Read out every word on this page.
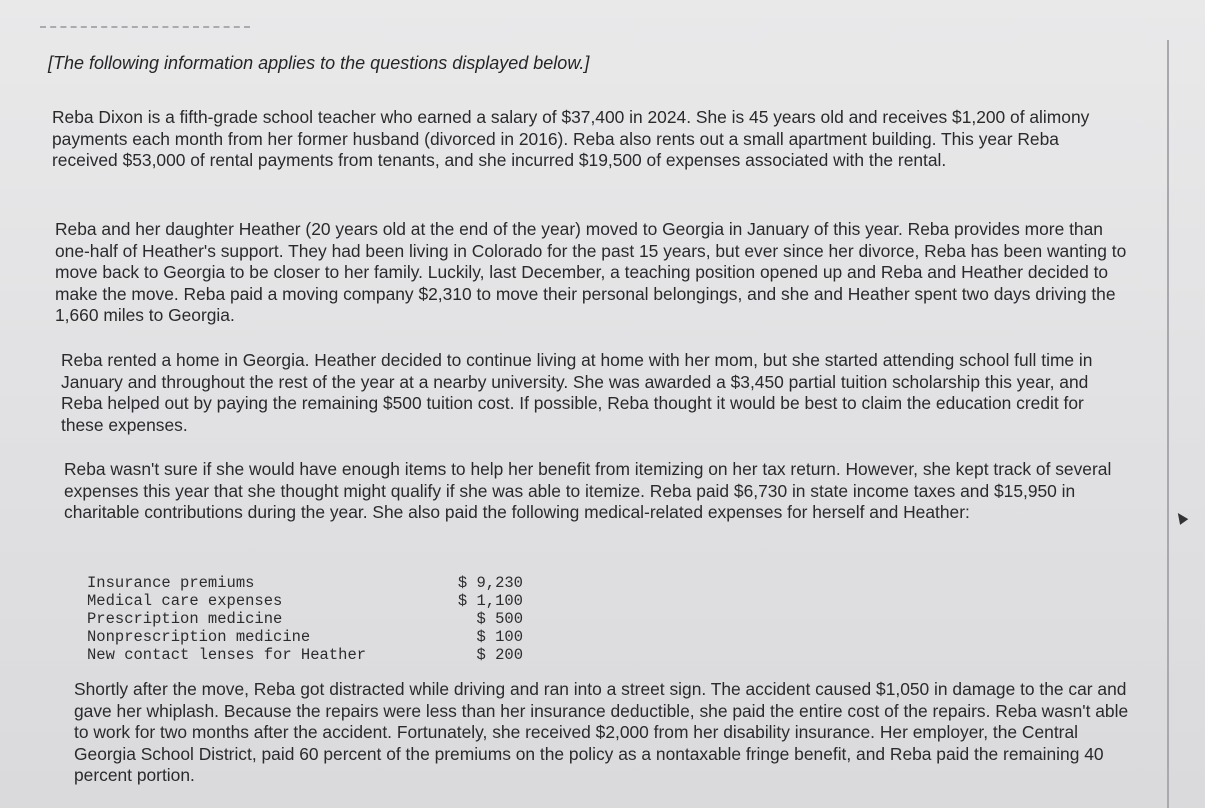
[The following information applies to the questions displayed below.]

Reba Dixon is a fifth-grade school teacher who earned a salary of $37,400 in 2024. She is 45 years old and receives $1,200 of alimony payments each month from her former husband (divorced in 2016). Reba also rents out a small apartment building. This year Reba received $53,000 of rental payments from tenants, and she incurred $19,500 of expenses associated with the rental.

Reba and her daughter Heather (20 years old at the end of the year) moved to Georgia in January of this year. Reba provides more than one-half of Heather's support. They had been living in Colorado for the past 15 years, but ever since her divorce, Reba has been wanting to move back to Georgia to be closer to her family. Luckily, last December, a teaching position opened up and Reba and Heather decided to make the move. Reba paid a moving company $2,310 to move their personal belongings, and she and Heather spent two days driving the 1,660 miles to Georgia.

Reba rented a home in Georgia. Heather decided to continue living at home with her mom, but she started attending school full time in January and throughout the rest of the year at a nearby university. She was awarded a $3,450 partial tuition scholarship this year, and Reba helped out by paying the remaining $500 tuition cost. If possible, Reba thought it would be best to claim the education credit for these expenses.

Reba wasn't sure if she would have enough items to help her benefit from itemizing on her tax return. However, she kept track of several expenses this year that she thought might qualify if she was able to itemize. Reba paid $6,730 in state income taxes and $15,950 in charitable contributions during the year. She also paid the following medical-related expenses for herself and Heather:

Insurance premiums	$ 9,230
Medical care expenses	$ 1,100
Prescription medicine	$ 500
Nonprescription medicine	$ 100
New contact lenses for Heather	$ 200

Shortly after the move, Reba got distracted while driving and ran into a street sign. The accident caused $1,050 in damage to the car and gave her whiplash. Because the repairs were less than her insurance deductible, she paid the entire cost of the repairs. Reba wasn't able to work for two months after the accident. Fortunately, she received $2,000 from her disability insurance. Her employer, the Central Georgia School District, paid 60 percent of the premiums on the policy as a nontaxable fringe benefit, and Reba paid the remaining 40 percent portion.
